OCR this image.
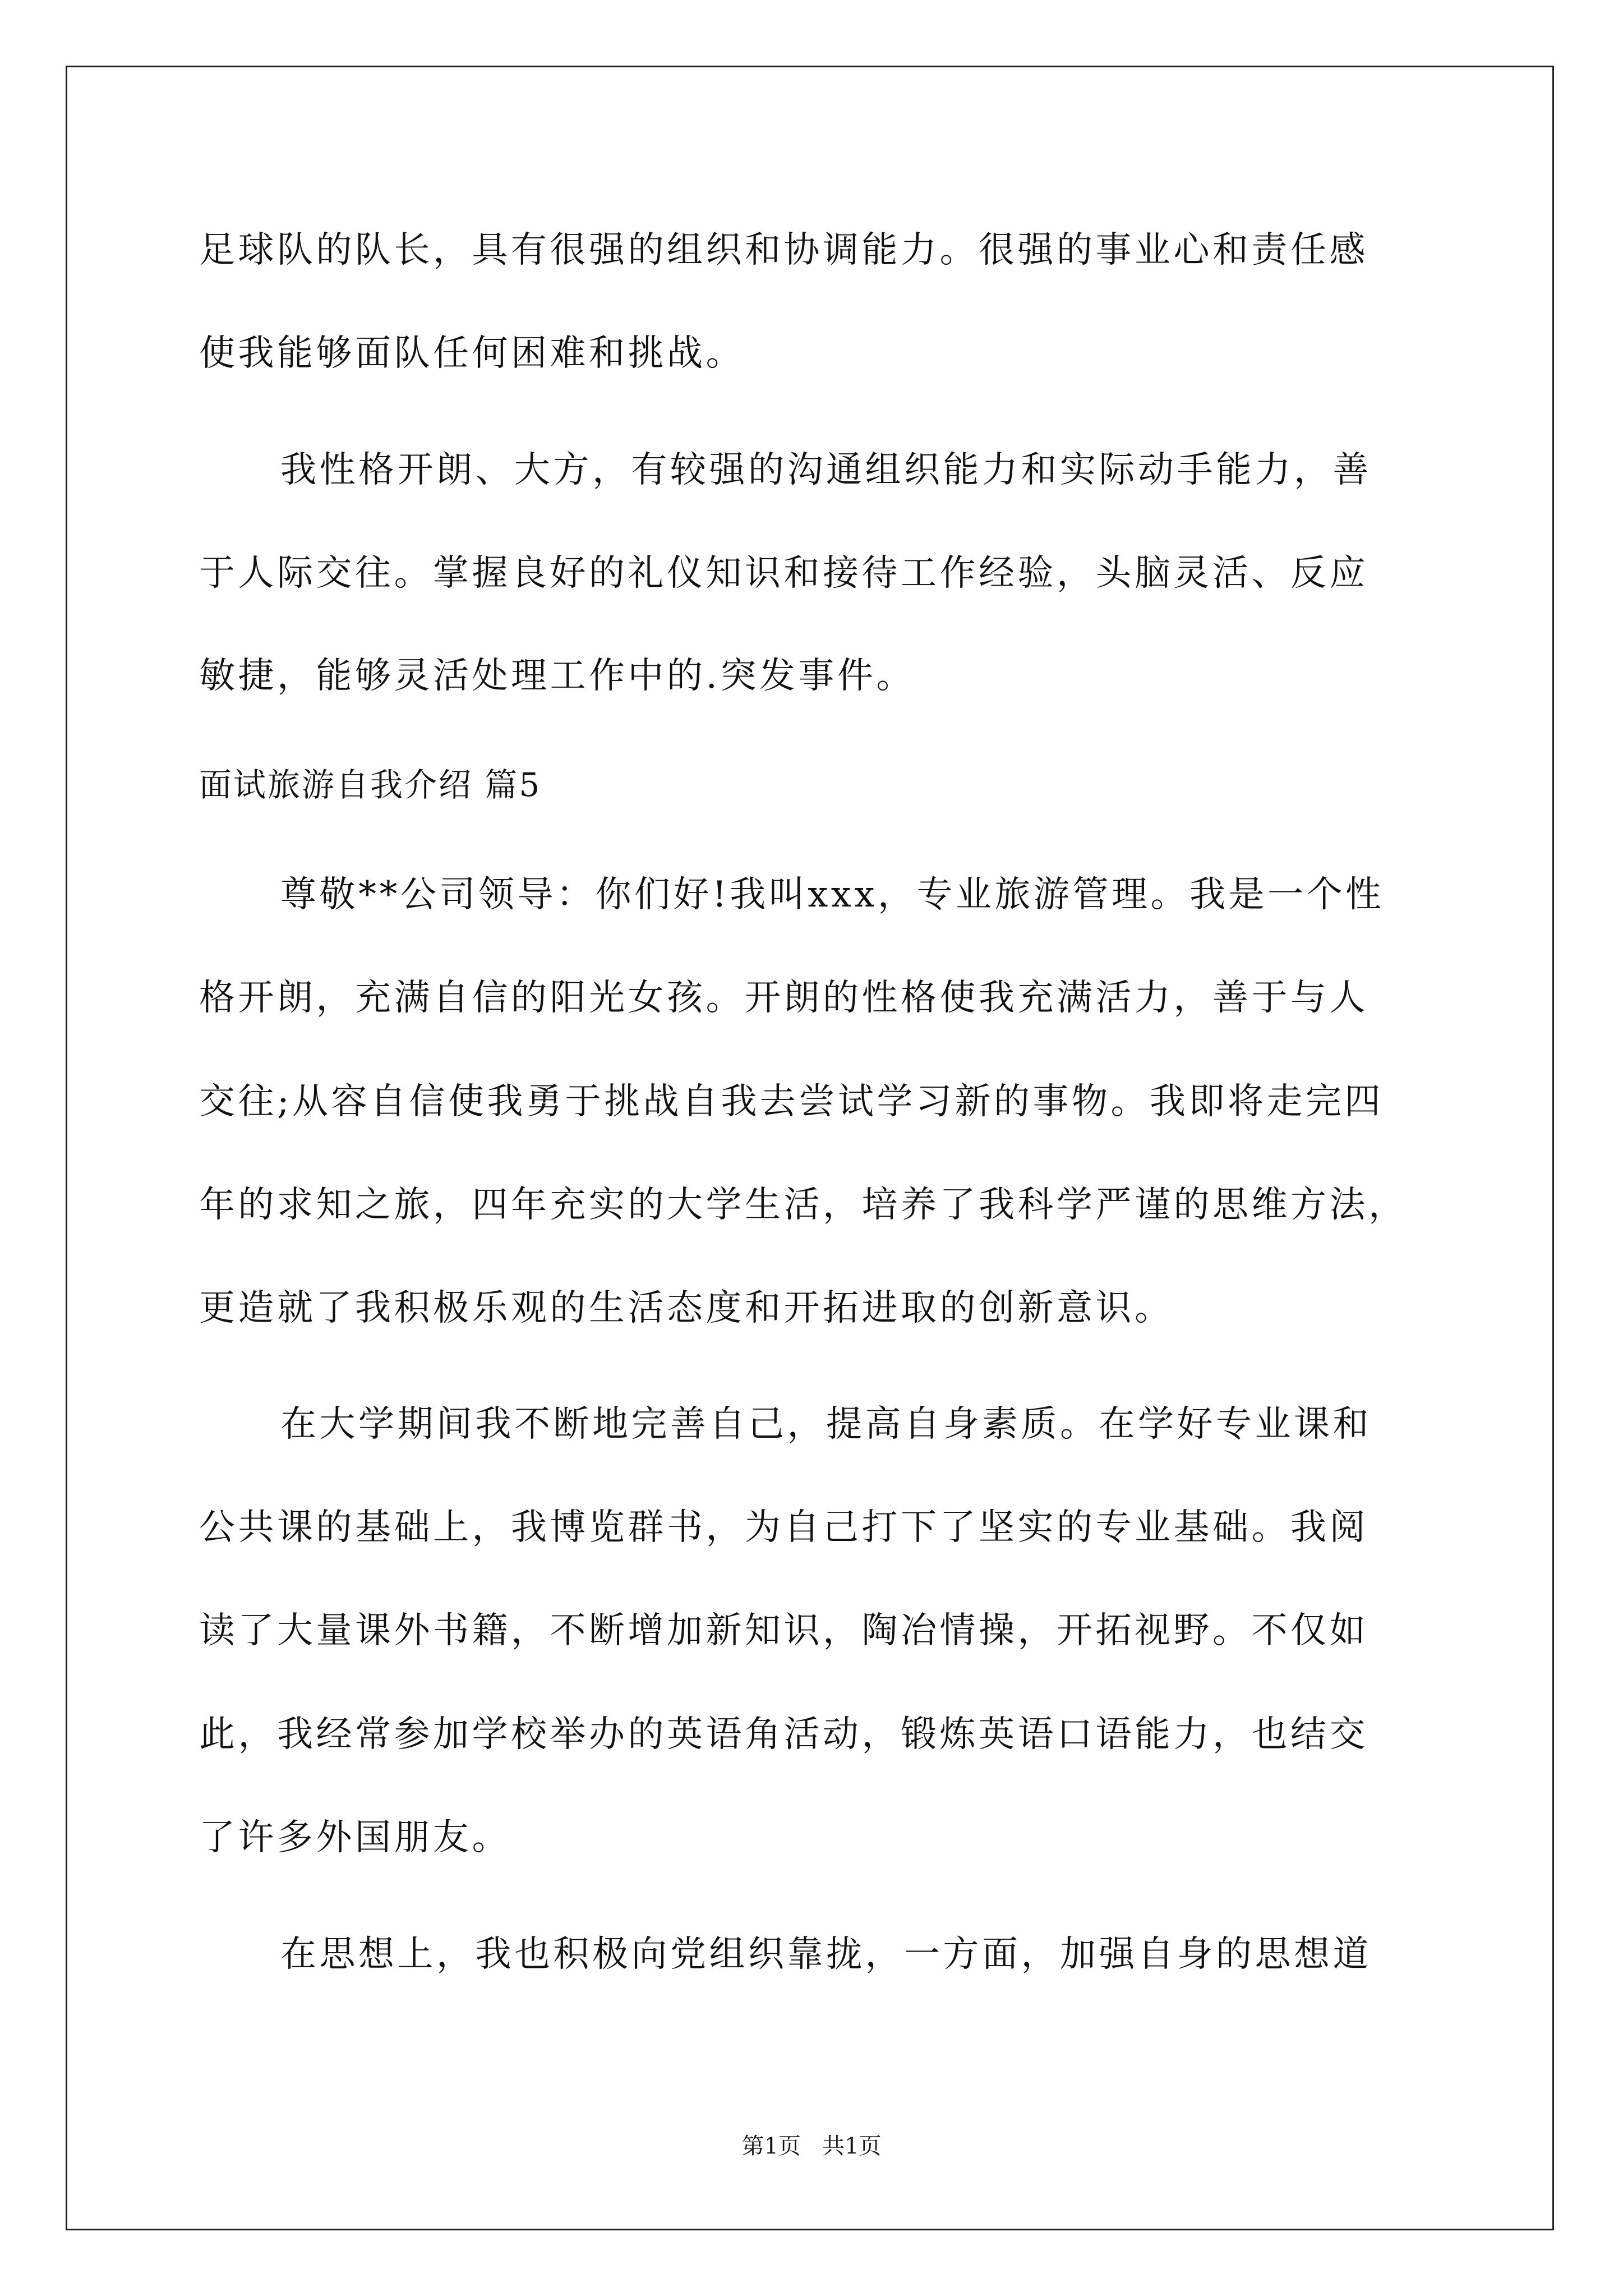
足球队的队长，具有很强的组织和协调能力。很强的事业心和责任感
使我能够面队任何困难和挑战。
我性格开朗、大方，有较强的沟通组织能力和实际动手能力，善
于人际交往。掌握良好的礼仪知识和接待工作经验，头脑灵活、反应
敏捷，能够灵活处理工作中的.突发事件。
面试旅游自我介绍 篇5
尊敬**公司领导：你们好!我叫xxx，专业旅游管理。我是一个性
格开朗，充满自信的阳光女孩。开朗的性格使我充满活力，善于与人
交往;从容自信使我勇于挑战自我去尝试学习新的事物。我即将走完四
年的求知之旅，四年充实的大学生活，培养了我科学严谨的思维方法，
更造就了我积极乐观的生活态度和开拓进取的创新意识。
在大学期间我不断地完善自己，提高自身素质。在学好专业课和
公共课的基础上，我博览群书，为自己打下了坚实的专业基础。我阅
读了大量课外书籍，不断增加新知识，陶冶情操，开拓视野。不仅如
此，我经常参加学校举办的英语角活动，锻炼英语口语能力，也结交
了许多外国朋友。
在思想上，我也积极向党组织靠拢，一方面，加强自身的思想道
第1页   共1页
